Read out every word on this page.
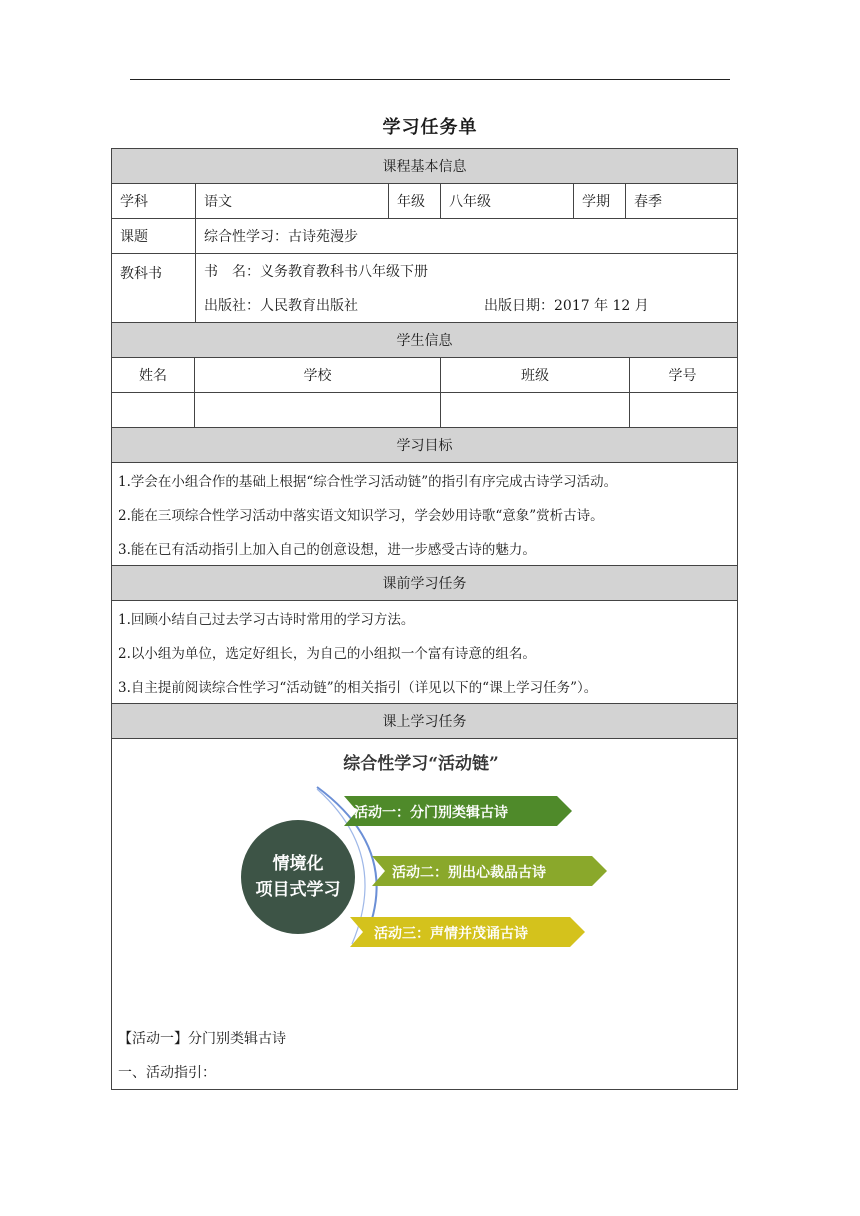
学习任务单
课程基本信息
学科	语文	年级	八年级	学期	春季
课题	综合性学习：古诗苑漫步
教科书	书　名： 义务教育教科书八年级下册
出版社：人民教育出版社	出版日期： 2017 年 12 月
学生信息
姓名	学校	班级	学号
学习目标
1.学会在小组合作的基础上根据“综合性学习活动链”的指引有序完成古诗学习活动。
2.能在三项综合性学习活动中落实语文知识学习，学会妙用诗歌“意象”赏析古诗。
3.能在已有活动指引上加入自己的创意设想，进一步感受古诗的魅力。
课前学习任务
1.回顾小结自己过去学习古诗时常用的学习方法。
2.以小组为单位，选定好组长，为自己的小组拟一个富有诗意的组名。
3.自主提前阅读综合性学习“活动链”的相关指引（详见以下的“课上学习任务”）。
课上学习任务
综合性学习“活动链”
情境化
项目式学习
活动一：分门别类辑古诗
活动二：别出心裁品古诗
活动三：声情并茂诵古诗
【活动一】分门别类辑古诗
一、活动指引：
